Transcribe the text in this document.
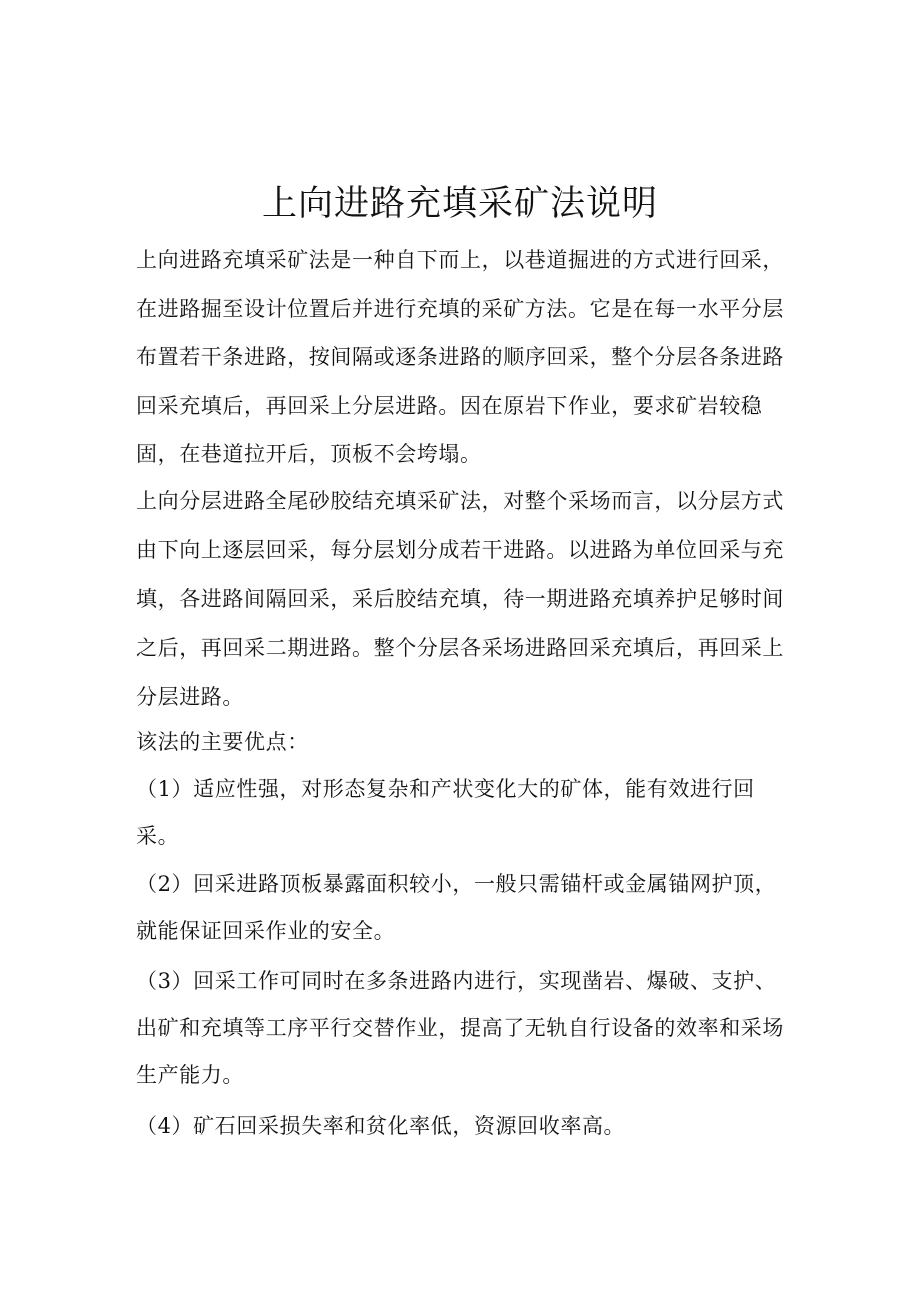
上向进路充填采矿法说明
上向进路充填采矿法是一种自下而上，以巷道掘进的方式进行回采，
在进路掘至设计位置后并进行充填的采矿方法。它是在每一水平分层
布置若干条进路，按间隔或逐条进路的顺序回采，整个分层各条进路
回采充填后，再回采上分层进路。因在原岩下作业，要求矿岩较稳
固，在巷道拉开后，顶板不会垮塌。
上向分层进路全尾砂胶结充填采矿法，对整个采场而言，以分层方式
由下向上逐层回采，每分层划分成若干进路。以进路为单位回采与充
填，各进路间隔回采，采后胶结充填，待一期进路充填养护足够时间
之后，再回采二期进路。整个分层各采场进路回采充填后，再回采上
分层进路。
该法的主要优点：
（1）适应性强，对形态复杂和产状变化大的矿体，能有效进行回
采。
（2）回采进路顶板暴露面积较小，一般只需锚杆或金属锚网护顶，
就能保证回采作业的安全。
（3）回采工作可同时在多条进路内进行，实现凿岩、爆破、支护、
出矿和充填等工序平行交替作业，提高了无轨自行设备的效率和采场
生产能力。
（4）矿石回采损失率和贫化率低，资源回收率高。
